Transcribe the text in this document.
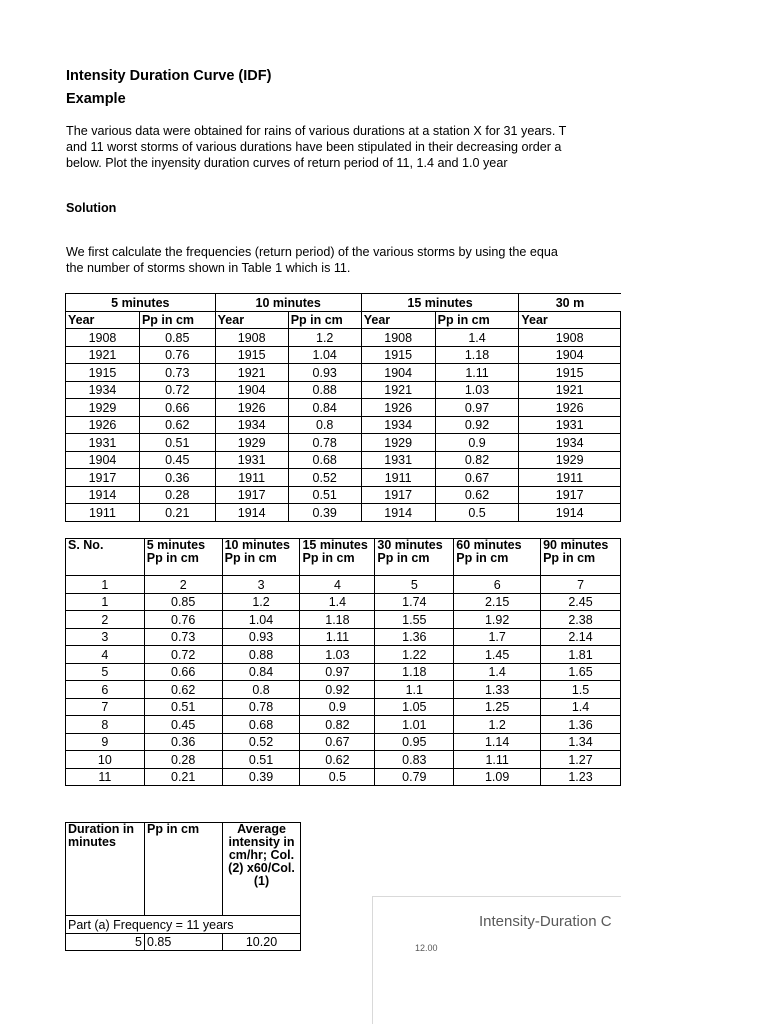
Intensity Duration Curve (IDF)
Example
The various data were obtained for rains of various durations at a station X for 31 years. T
and 11 worst storms of various durations have been stipulated in their decreasing order a
below. Plot the inyensity duration curves of return period of 11, 1.4 and 1.0 year
Solution
We first calculate the frequencies (return period) of the various storms by using the equa
the number of storms shown in Table 1 which is 11.
5 minutes		10 minutes		15 minutes		30 m
Year	Pp in cm	Year	Pp in cm	Year	Pp in cm	Year
1908	0.85	1908	1.2	1908	1.4	1908
1921	0.76	1915	1.04	1915	1.18	1904
1915	0.73	1921	0.93	1904	1.11	1915
1934	0.72	1904	0.88	1921	1.03	1921
1929	0.66	1926	0.84	1926	0.97	1926
1926	0.62	1934	0.8	1934	0.92	1931
1931	0.51	1929	0.78	1929	0.9	1934
1904	0.45	1931	0.68	1931	0.82	1929
1917	0.36	1911	0.52	1911	0.67	1911
1914	0.28	1917	0.51	1917	0.62	1917
1911	0.21	1914	0.39	1914	0.5	1914
S. No.	5 minutes Pp in cm	10 minutes Pp in cm	15 minutes Pp in cm	30 minutes Pp in cm	60 minutes Pp in cm	90 minutes Pp in cm
1	2	3	4	5	6	7
1	0.85	1.2	1.4	1.74	2.15	2.45
2	0.76	1.04	1.18	1.55	1.92	2.38
3	0.73	0.93	1.11	1.36	1.7	2.14
4	0.72	0.88	1.03	1.22	1.45	1.81
5	0.66	0.84	0.97	1.18	1.4	1.65
6	0.62	0.8	0.92	1.1	1.33	1.5
7	0.51	0.78	0.9	1.05	1.25	1.4
8	0.45	0.68	0.82	1.01	1.2	1.36
9	0.36	0.52	0.67	0.95	1.14	1.34
10	0.28	0.51	0.62	0.83	1.11	1.27
11	0.21	0.39	0.5	0.79	1.09	1.23
Duration in minutes	Pp in cm	Average intensity in cm/hr; Col. (2) x60/Col. (1)
Part (a) Frequency = 11 years		
5	0.85	10.20
Intensity-Duration C
12.00
